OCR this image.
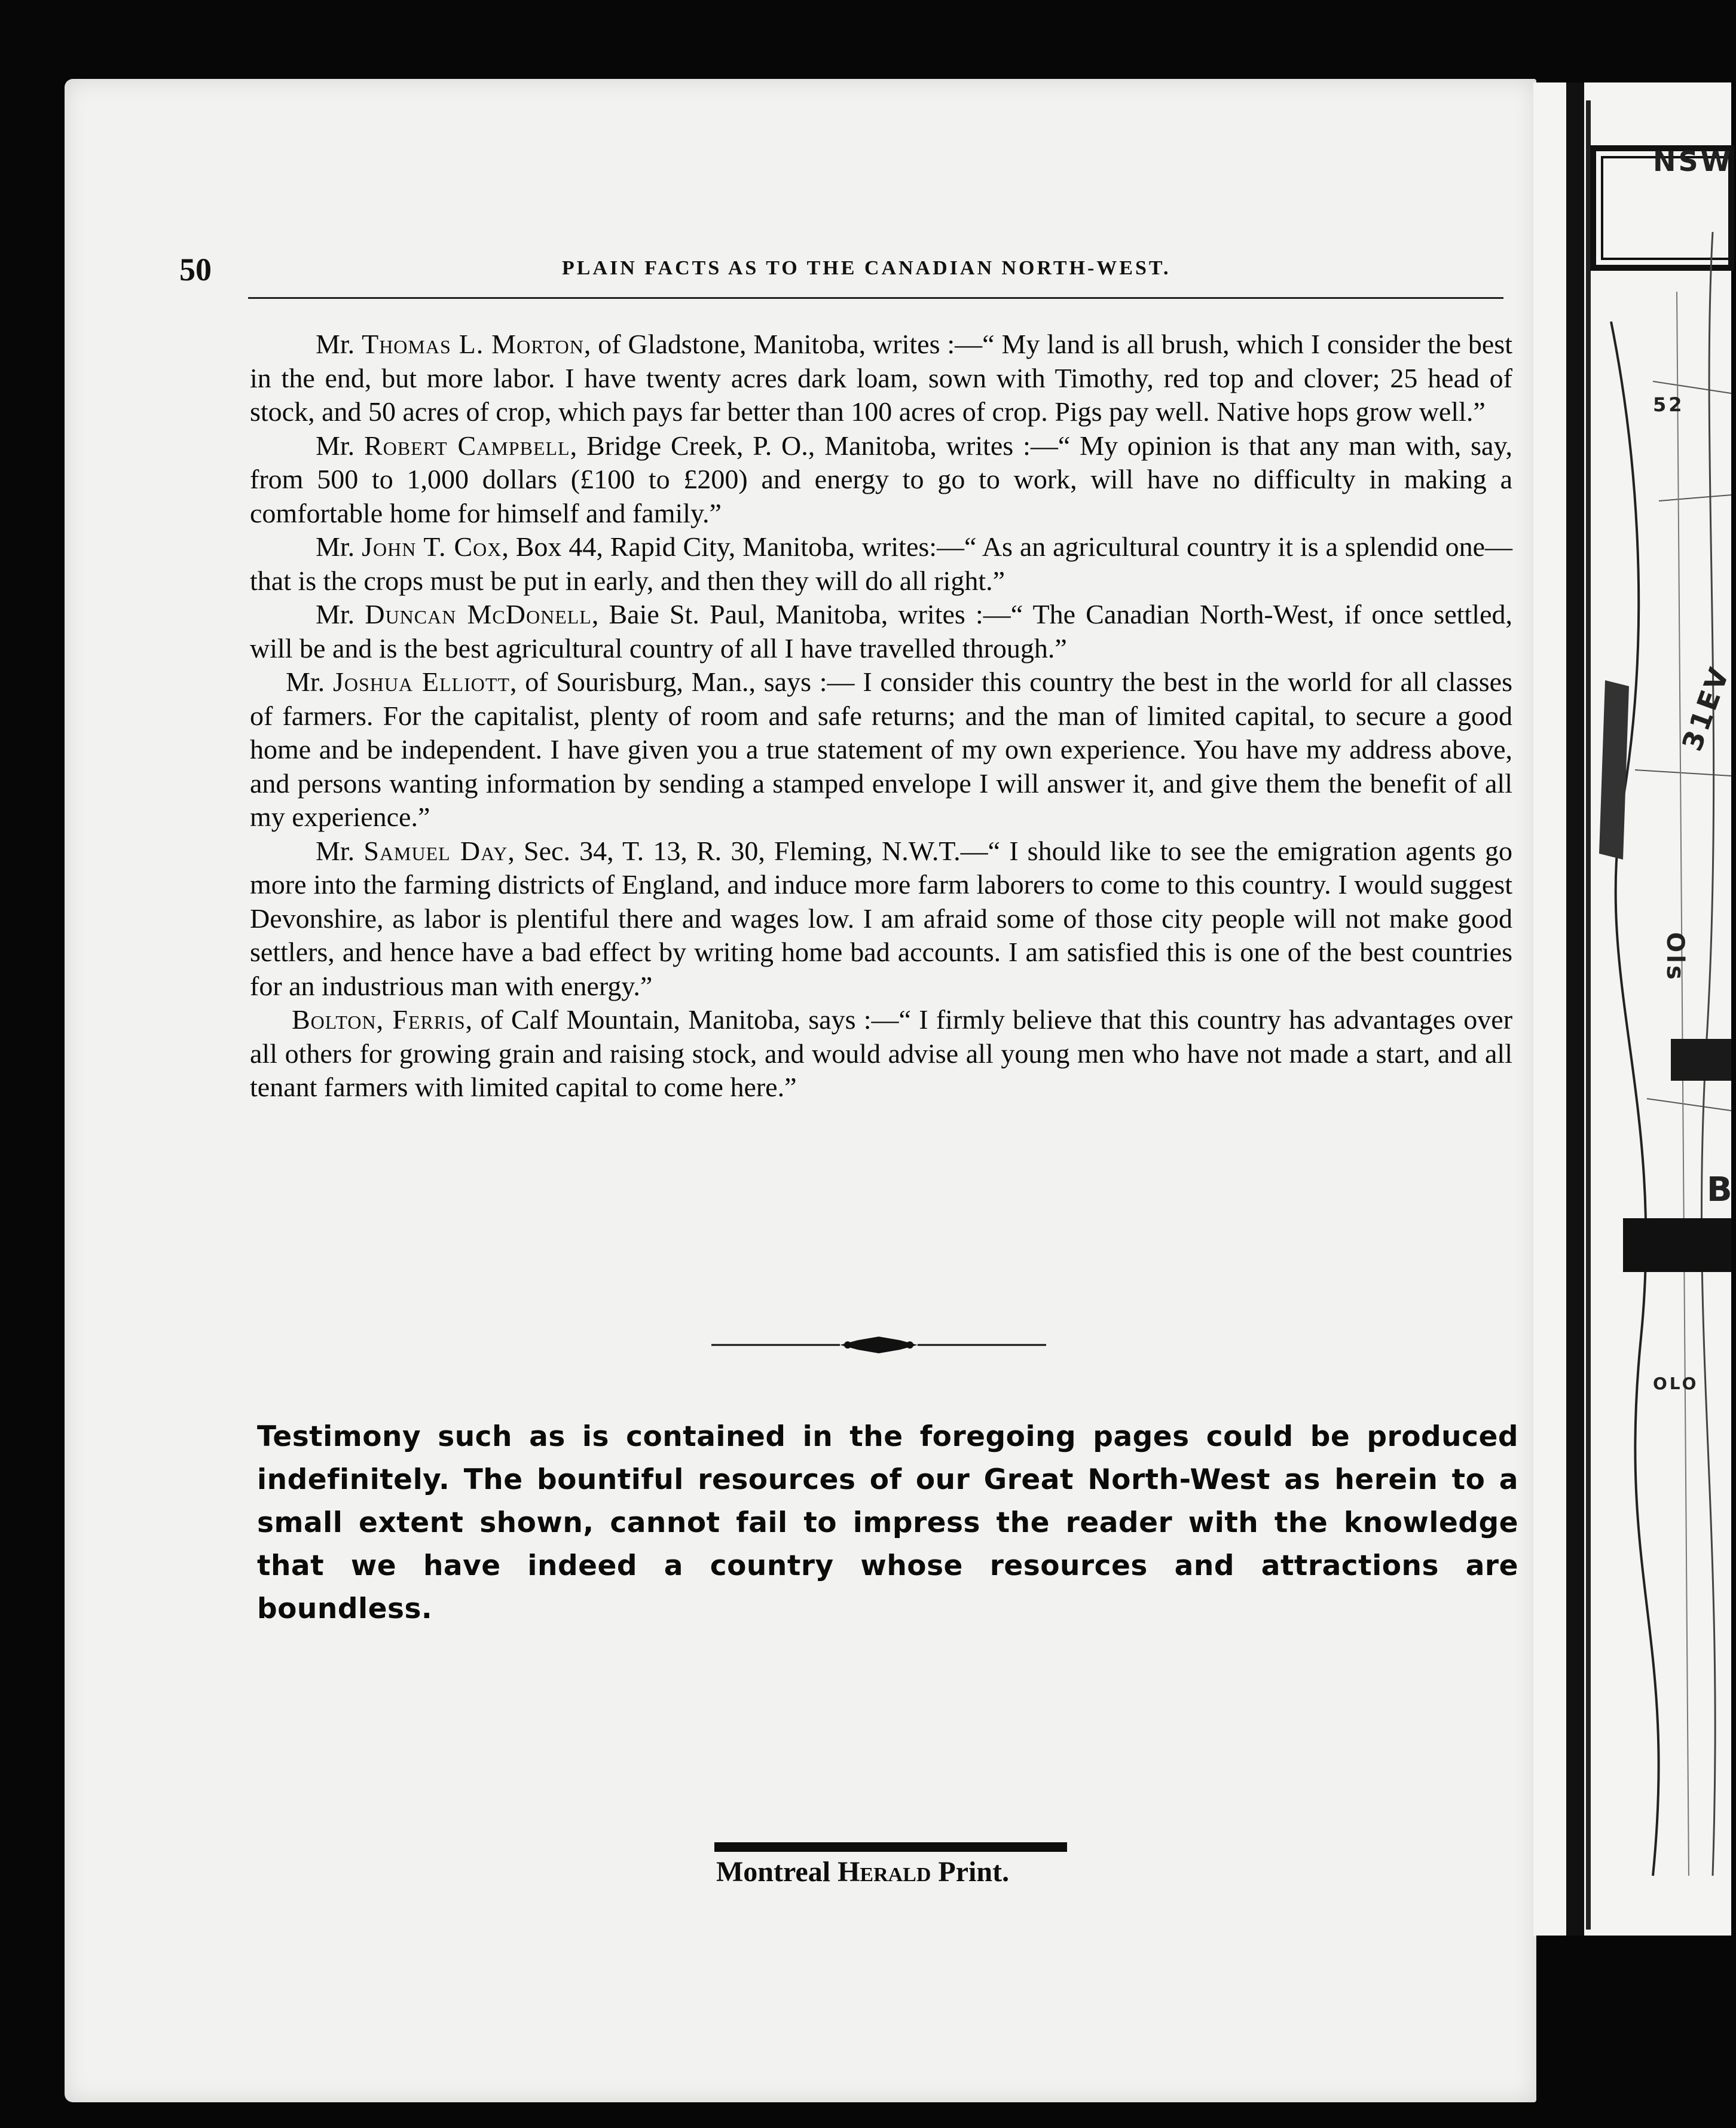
NSW
52
31EV
Ols
B
OLO
50	PLAIN FACTS AS TO THE CANADIAN NORTH-WEST.

Mr. Thomas L. Morton, of Gladstone, Manitoba, writes :—“ My land is all brush, which I consider the best in the end, but more labor. I have twenty acres dark loam, sown with Timothy, red top and clover; 25 head of stock, and 50 acres of crop, which pays far better than 100 acres of crop. Pigs pay well. Native hops grow well.”

Mr. Robert Campbell, Bridge Creek, P. O., Manitoba, writes :—“ My opinion is that any man with, say, from 500 to 1,000 dollars (£100 to £200) and energy to go to work, will have no difficulty in making a comfortable home for himself and family.”

Mr. John T. Cox, Box 44, Rapid City, Manitoba, writes:—“ As an agricultural country it is a splendid one—that is the crops must be put in early, and then they will do all right.”

Mr. Duncan McDonell, Baie St. Paul, Manitoba, writes :—“ The Canadian North-West, if once settled, will be and is the best agricultural country of all I have travelled through.”

Mr. Joshua Elliott, of Sourisburg, Man., says :— I consider this country the best in the world for all classes of farmers. For the capitalist, plenty of room and safe returns; and the man of limited capital, to secure a good home and be independent. I have given you a true statement of my own experience. You have my address above, and persons wanting information by sending a stamped envelope I will answer it, and give them the benefit of all my experience.”

Mr. Samuel Day, Sec. 34, T. 13, R. 30, Fleming, N.W.T.—“ I should like to see the emigration agents go more into the farming districts of England, and induce more farm laborers to come to this country. I would suggest Devonshire, as labor is plentiful there and wages low. I am afraid some of those city people will not make good settlers, and hence have a bad effect by writing home bad accounts. I am satisfied this is one of the best countries for an industrious man with energy.”

Bolton, Ferris, of Calf Mountain, Manitoba, says :—“ I firmly believe that this country has advantages over all others for growing grain and raising stock, and would advise all young men who have not made a start, and all tenant farmers with limited capital to come here.”

Testimony such as is contained in the foregoing pages could be produced indefinitely. The bountiful resources of our Great North-West as herein to a small extent shown, cannot fail to impress the reader with the knowledge that we have indeed a country whose resources and attractions are boundless.
Montreal Herald Print.
